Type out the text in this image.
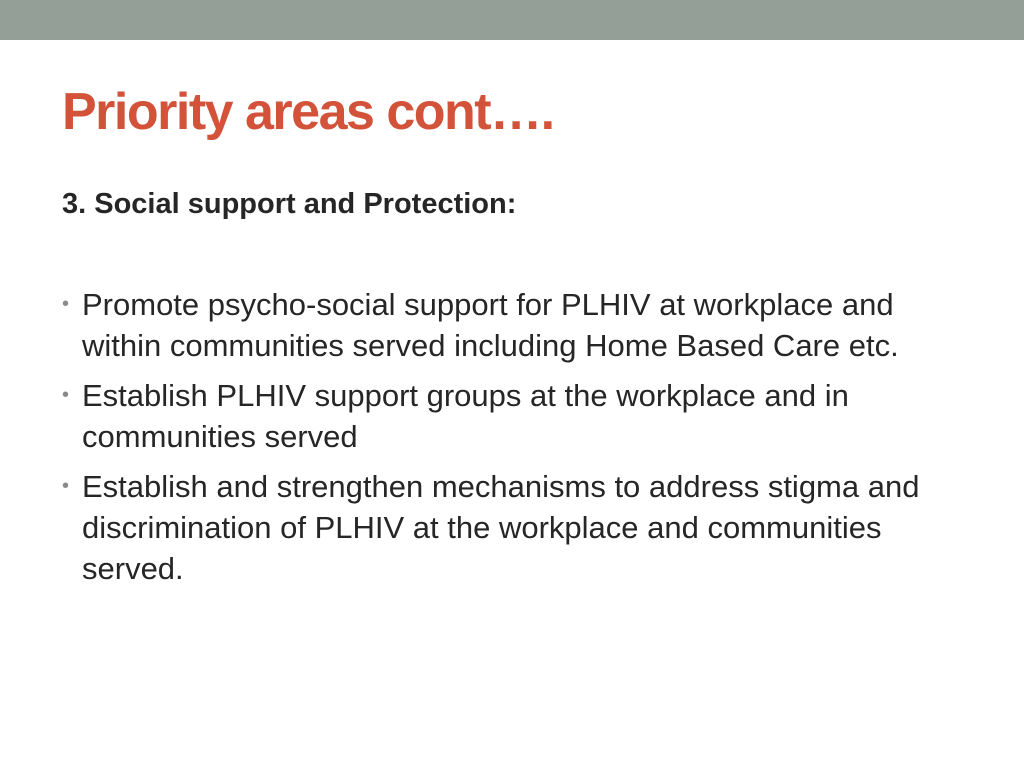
Priority areas cont….
3. Social support and Protection:
• Promote psycho-social support for PLHIV at workplace and within communities served including Home Based Care etc.
• Establish PLHIV support groups at the workplace and in communities served
• Establish and strengthen mechanisms to address stigma and discrimination of PLHIV at the workplace and communities served.
